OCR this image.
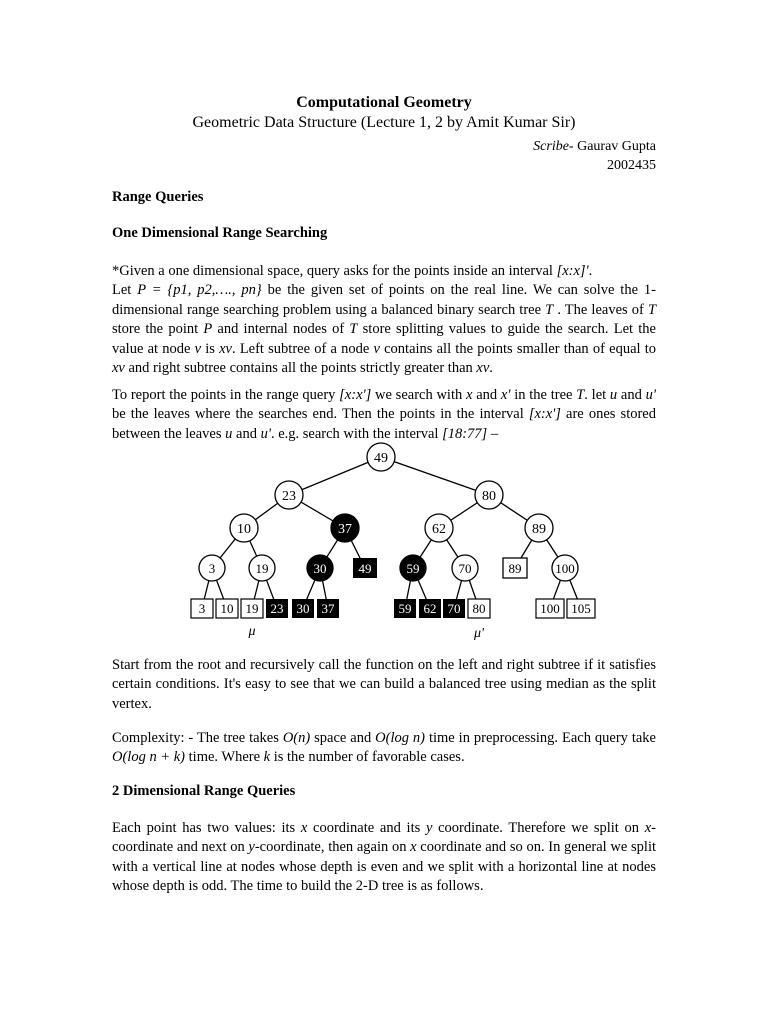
Computational Geometry
Geometric Data Structure (Lecture 1, 2 by Amit Kumar Sir)
Scribe- Gaurav Gupta
2002435
Range Queries
One Dimensional Range Searching

*Given a one dimensional space, query asks for the points inside an interval [x:x]'.

Let P = {p1, p2,…., pn} be the given set of points on the real line. We can solve the 1-dimensional range searching problem using a balanced binary search tree T . The leaves of T store the point P and internal nodes of T store splitting values to guide the search. Let the value at node v is xv. Left subtree of a node v contains all the points smaller than of equal to xv and right subtree contains all the points strictly greater than xv.

To report the points in the range query [x:x'] we search with x and x' in the tree T. let u and u' be the leaves where the searches end. Then the points in the interval [x:x'] are ones stored between the leaves u and u'. e.g. search with the interval [18:77] –

49
23	80
10	37	62	89
3	19	30 49	59	70	89	100
3 10 19 23 30 37	59 62 70 80	100 105
μ	μ'

Start from the root and recursively call the function on the left and right subtree if it satisfies certain conditions. It's easy to see that we can build a balanced tree using median as the split vertex.

Complexity: - The tree takes O(n) space and O(log n) time in preprocessing. Each query take O(log n + k) time. Where k is the number of favorable cases.

2 Dimensional Range Queries

Each point has two values: its x coordinate and its y coordinate. Therefore we split on x-coordinate and next on y-coordinate, then again on x coordinate and so on. In general we split with a vertical line at nodes whose depth is even and we split with a horizontal line at nodes whose depth is odd. The time to build the 2-D tree is as follows.
